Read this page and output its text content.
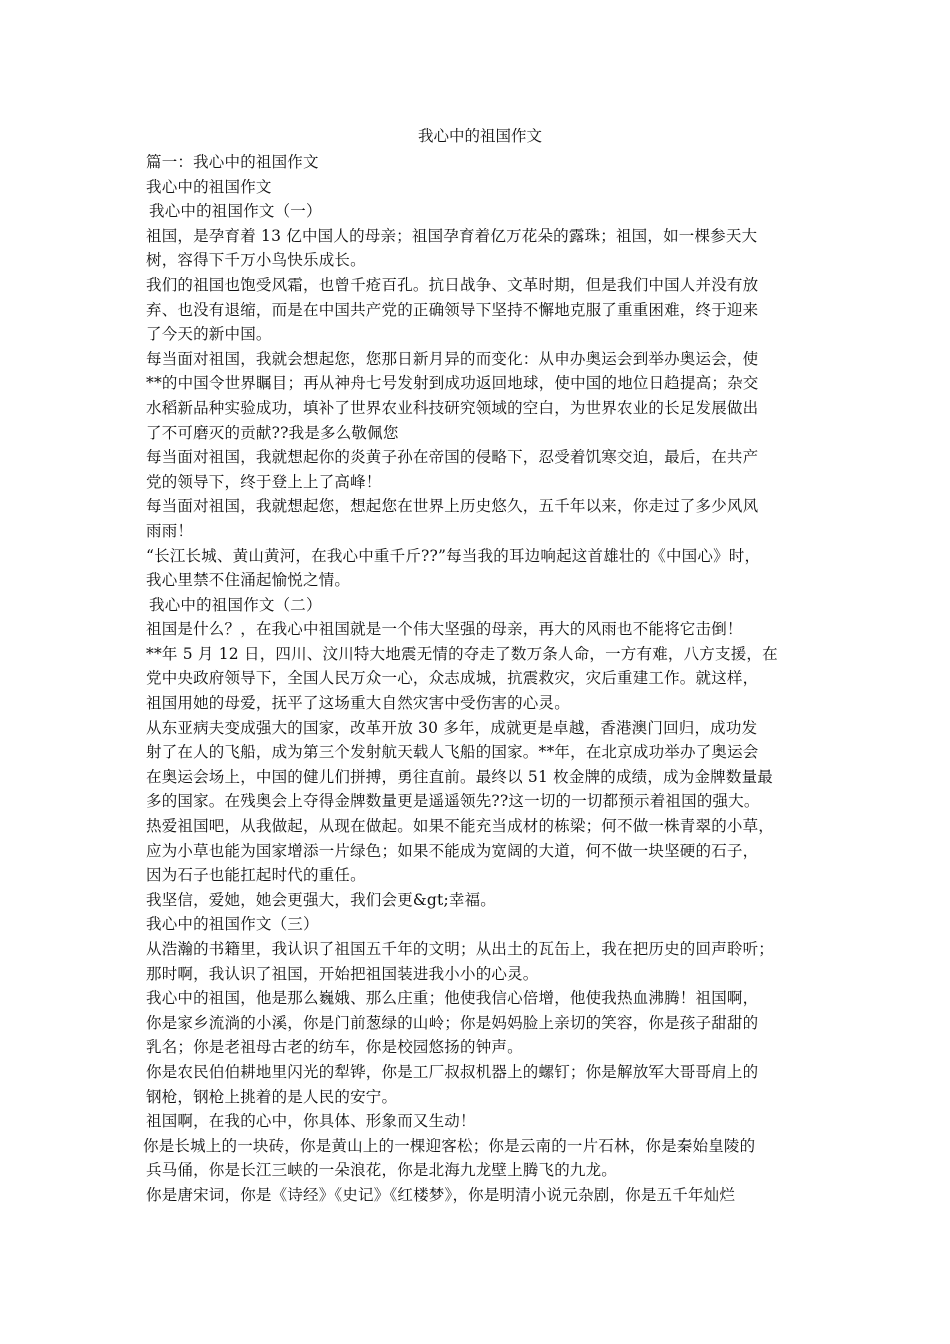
我心中的祖国作文

篇一：我心中的祖国作文

我心中的祖国作文

我心中的祖国作文（一）

祖国，是孕育着 13 亿中国人的母亲；祖国孕育着亿万花朵的露珠；祖国，如一棵参天大

树，容得下千万小鸟快乐成长。

我们的祖国也饱受风霜，也曾千疮百孔。抗日战争、文革时期，但是我们中国人并没有放

弃、也没有退缩，而是在中国共产党的正确领导下坚持不懈地克服了重重困难，终于迎来

了今天的新中国。

每当面对祖国，我就会想起您，您那日新月异的而变化：从申办奥运会到举办奥运会，使

**的中国令世界瞩目；再从神舟七号发射到成功返回地球，使中国的地位日趋提高；杂交

水稻新品种实验成功，填补了世界农业科技研究领域的空白，为世界农业的长足发展做出

了不可磨灭的贡献??我是多么敬佩您

每当面对祖国，我就想起你的炎黄子孙在帝国的侵略下，忍受着饥寒交迫，最后，在共产

党的领导下，终于登上上了高峰！

每当面对祖国，我就想起您，想起您在世界上历史悠久，五千年以来，你走过了多少风风

雨雨！

“长江长城、黄山黄河，在我心中重千斤??”每当我的耳边响起这首雄壮的《中国心》时，

我心里禁不住涌起愉悦之情。

我心中的祖国作文（二）

祖国是什么？，在我心中祖国就是一个伟大坚强的母亲，再大的风雨也不能将它击倒！

**年 5 月 12 日，四川、汶川特大地震无情的夺走了数万条人命，一方有难，八方支援，在

党中央政府领导下，全国人民万众一心，众志成城，抗震救灾，灾后重建工作。就这样，

祖国用她的母爱，抚平了这场重大自然灾害中受伤害的心灵。

从东亚病夫变成强大的国家，改革开放 30 多年，成就更是卓越，香港澳门回归，成功发

射了在人的飞船，成为第三个发射航天载人飞船的国家。**年，在北京成功举办了奥运会

在奥运会场上，中国的健儿们拼搏，勇往直前。最终以 51 枚金牌的成绩，成为金牌数量最

多的国家。在残奥会上夺得金牌数量更是遥遥领先??这一切的一切都预示着祖国的强大。

热爱祖国吧，从我做起，从现在做起。如果不能充当成材的栋梁；何不做一株青翠的小草，

应为小草也能为国家增添一片绿色；如果不能成为宽阔的大道，何不做一块坚硬的石子，

因为石子也能扛起时代的重任。

我坚信，爱她，她会更强大，我们会更&gt;幸福。

我心中的祖国作文（三）

从浩瀚的书籍里，我认识了祖国五千年的文明；从出土的瓦缶上，我在把历史的回声聆听；

那时啊，我认识了祖国，开始把祖国装进我小小的心灵。

我心中的祖国，他是那么巍娥、那么庄重；他使我信心倍增，他使我热血沸腾！祖国啊，

你是家乡流淌的小溪，你是门前葱绿的山岭；你是妈妈脸上亲切的笑容，你是孩子甜甜的

乳名；你是老祖母古老的纺车，你是校园悠扬的钟声。

你是农民伯伯耕地里闪光的犁铧，你是工厂叔叔机器上的螺钉；你是解放军大哥哥肩上的

钢枪，钢枪上挑着的是人民的安宁。

祖国啊，在我的心中，你具体、形象而又生动！

你是长城上的一块砖，你是黄山上的一棵迎客松；你是云南的一片石林，你是秦始皇陵的

兵马俑，你是长江三峡的一朵浪花，你是北海九龙壁上腾飞的九龙。

你是唐宋词，你是《诗经》《史记》《红楼梦》，你是明清小说元杂剧，你是五千年灿烂
